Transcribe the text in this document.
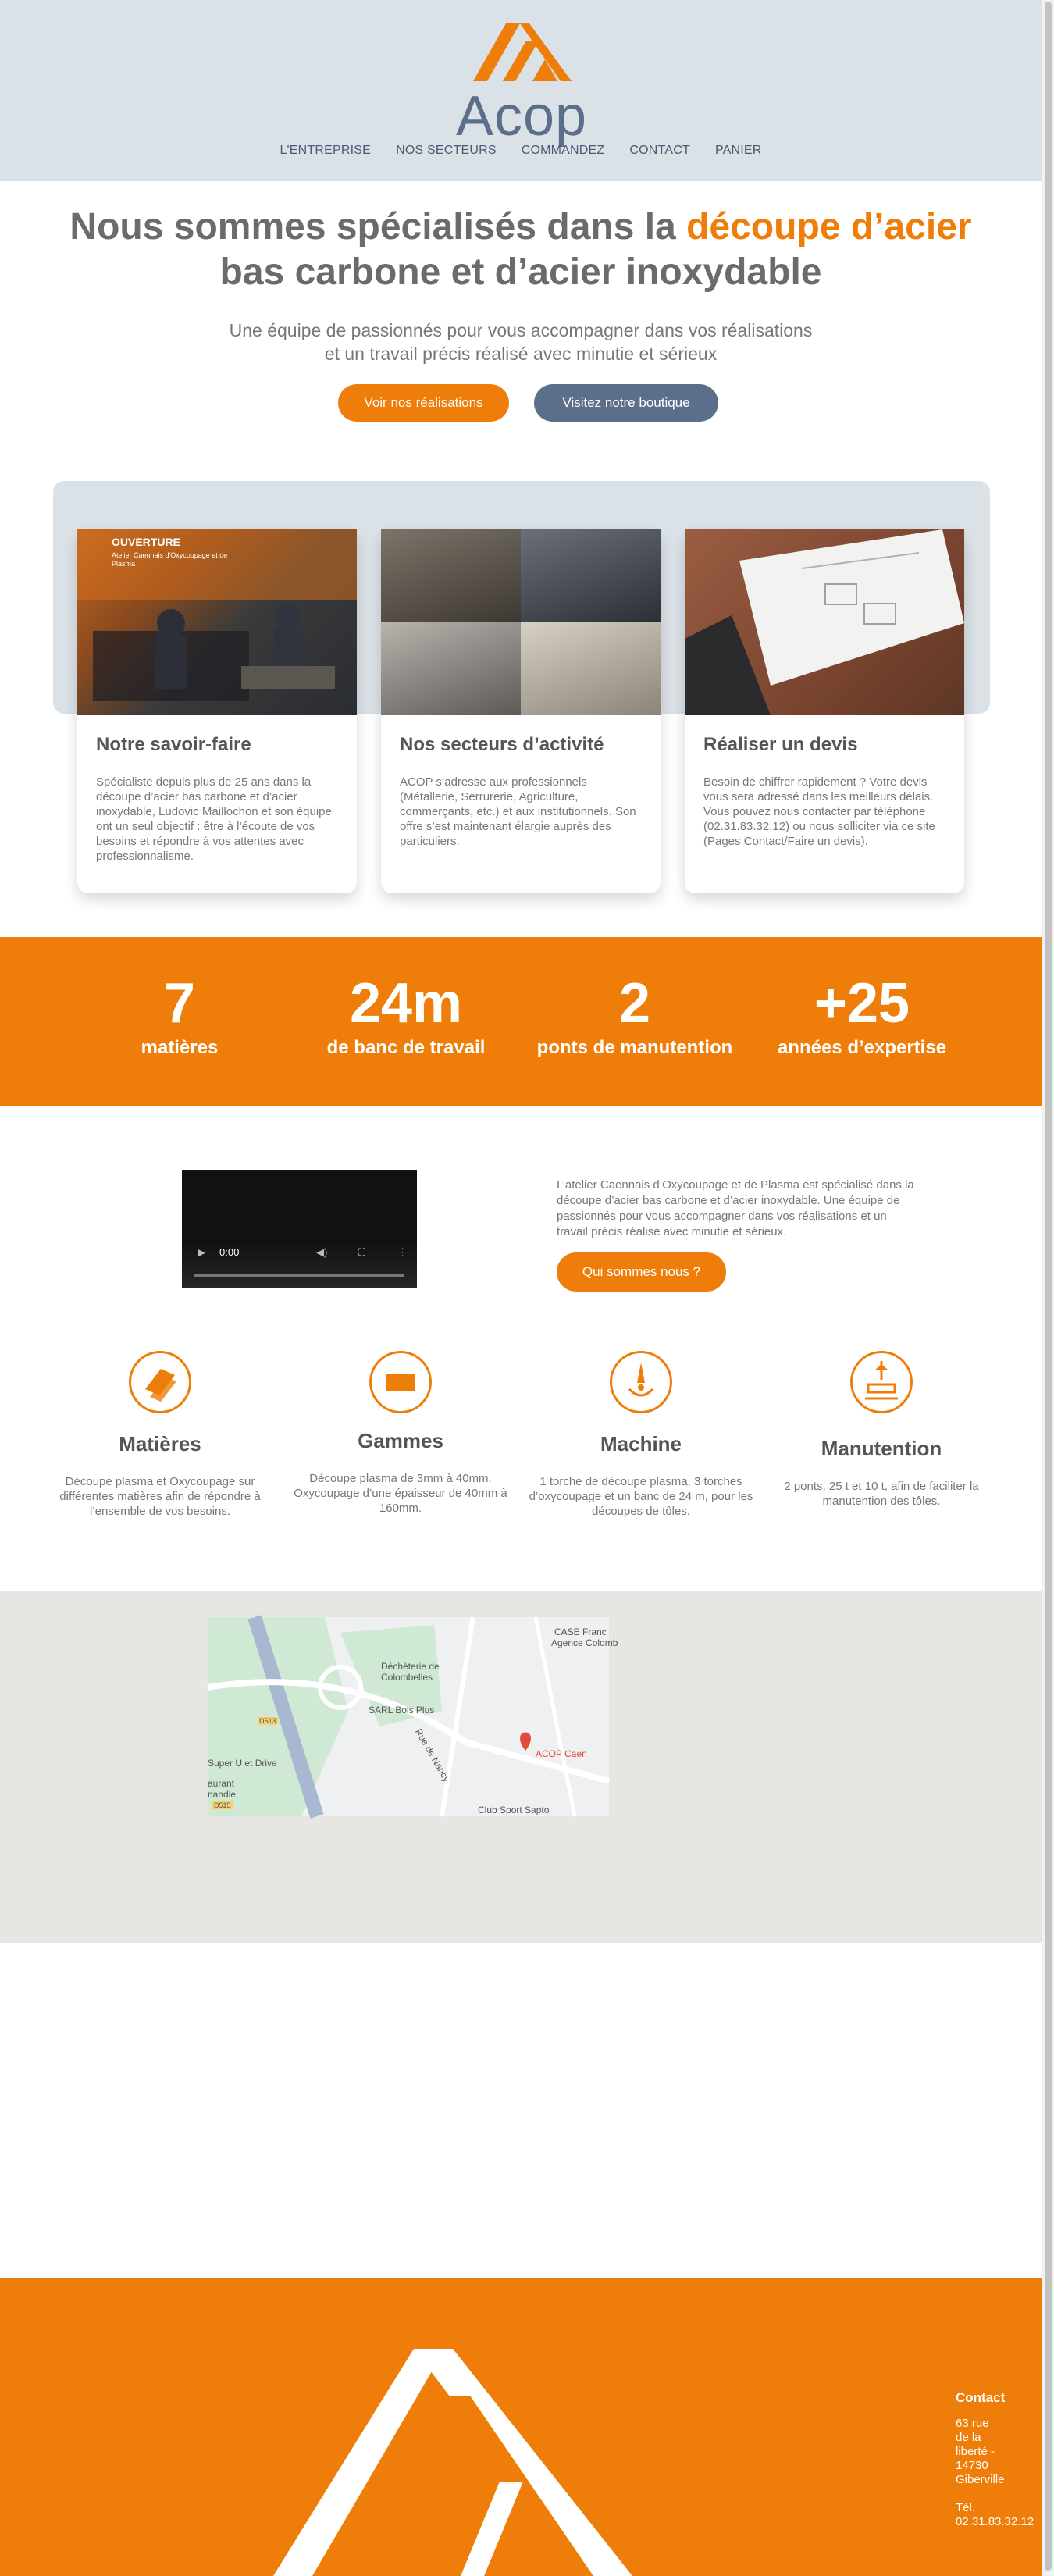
Acop
L'ENTREPRISE NOS SECTEURS COMMANDEZ CONTACT PANIER
Nous sommes spécialisés dans la découpe d’acier
bas carbone et d’acier inoxydable
Une équipe de passionnés pour vous accompagner dans vos réalisations
et un travail précis réalisé avec minutie et sérieux
Voir nos réalisations	Visitez notre boutique
OUVERTURE
Atelier Caennais d'Oxycoupage et de Plasma
Notre savoir-faire
Spécialiste depuis plus de 25 ans dans la découpe d’acier bas carbone et d’acier inoxydable, Ludovic Maillochon et son équipe ont un seul objectif : être à l’écoute de vos besoins et répondre à vos attentes avec professionnalisme.
Nos secteurs d’activité
ACOP s’adresse aux professionnels (Métallerie, Serrurerie, Agriculture, commerçants, etc.) et aux institutionnels. Son offre s’est maintenant élargie auprès des particuliers.
Réaliser un devis
Besoin de chiffrer rapidement ? Votre devis vous sera adressé dans les meilleurs délais. Vous pouvez nous contacter par téléphone (02.31.83.32.12) ou nous solliciter via ce site (Pages Contact/Faire un devis).
7
matières
24m
de banc de travail
2
ponts de manutention
+25
années d’expertise
▶ 0:00	◀)	⛶	⋮
L’atelier Caennais d’Oxycoupage et de Plasma est spécialisé dans la découpe d’acier bas carbone et d’acier inoxydable. Une équipe de passionnés pour vous accompagner dans vos réalisations et un travail précis réalisé avec minutie et sérieux.
Qui sommes nous ?
Matières
Découpe plasma et Oxycoupage sur différentes matières afin de répondre à l’ensemble de vos besoins.
Gammes
Découpe plasma de 3mm à 40mm. Oxycoupage d’une épaisseur de 40mm à 160mm.
Machine
1 torche de découpe plasma, 3 torches d’oxycoupage et un banc de 24 m, pour les découpes de tôles.
Manutention
2 ponts, 25 t et 10 t, afin de faciliter la manutention des tôles.
CASE Franc
Agence Colomb
Déchèterie de
Colombelles
SARL Bois Plus
Super U et Drive
ACOP Caen
Club Sport Sapto
Rue de Nancy
aurant
nandie
D515
D513
Contact
63 rue de la liberté - 14730 Giberville
Tél. 02.31.83.32.12
